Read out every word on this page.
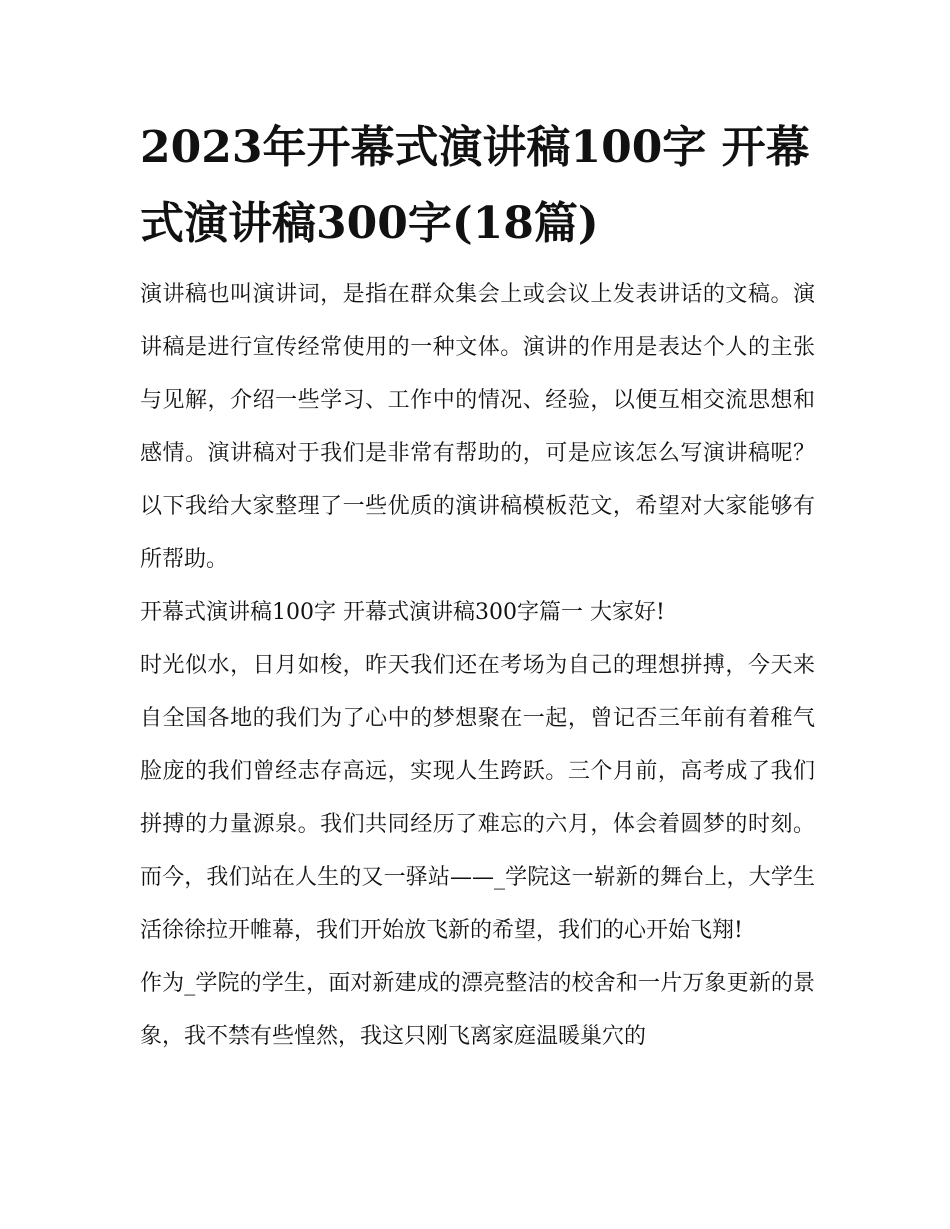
2023年开幕式演讲稿100字 开幕式演讲稿300字(18篇)

演讲稿也叫演讲词，是指在群众集会上或会议上发表讲话的文稿。演讲稿是进行宣传经常使用的一种文体。演讲的作用是表达个人的主张与见解，介绍一些学习、工作中的情况、经验，以便互相交流思想和感情。演讲稿对于我们是非常有帮助的，可是应该怎么写演讲稿呢？以下我给大家整理了一些优质的演讲稿模板范文，希望对大家能够有所帮助。

开幕式演讲稿100字 开幕式演讲稿300字篇一 大家好!

时光似水，日月如梭，昨天我们还在考场为自己的理想拼搏，今天来自全国各地的我们为了心中的梦想聚在一起，曾记否三年前有着稚气脸庞的我们曾经志存高远，实现人生跨跃。三个月前，高考成了我们拼搏的力量源泉。我们共同经历了难忘的六月，体会着圆梦的时刻。而今，我们站在人生的又一驿站——_学院这一崭新的舞台上，大学生活徐徐拉开帷幕，我们开始放飞新的希望，我们的心开始飞翔!

作为_学院的学生，面对新建成的漂亮整洁的校舍和一片万象更新的景象，我不禁有些惶然，我这只刚飞离家庭温暖巢穴的
